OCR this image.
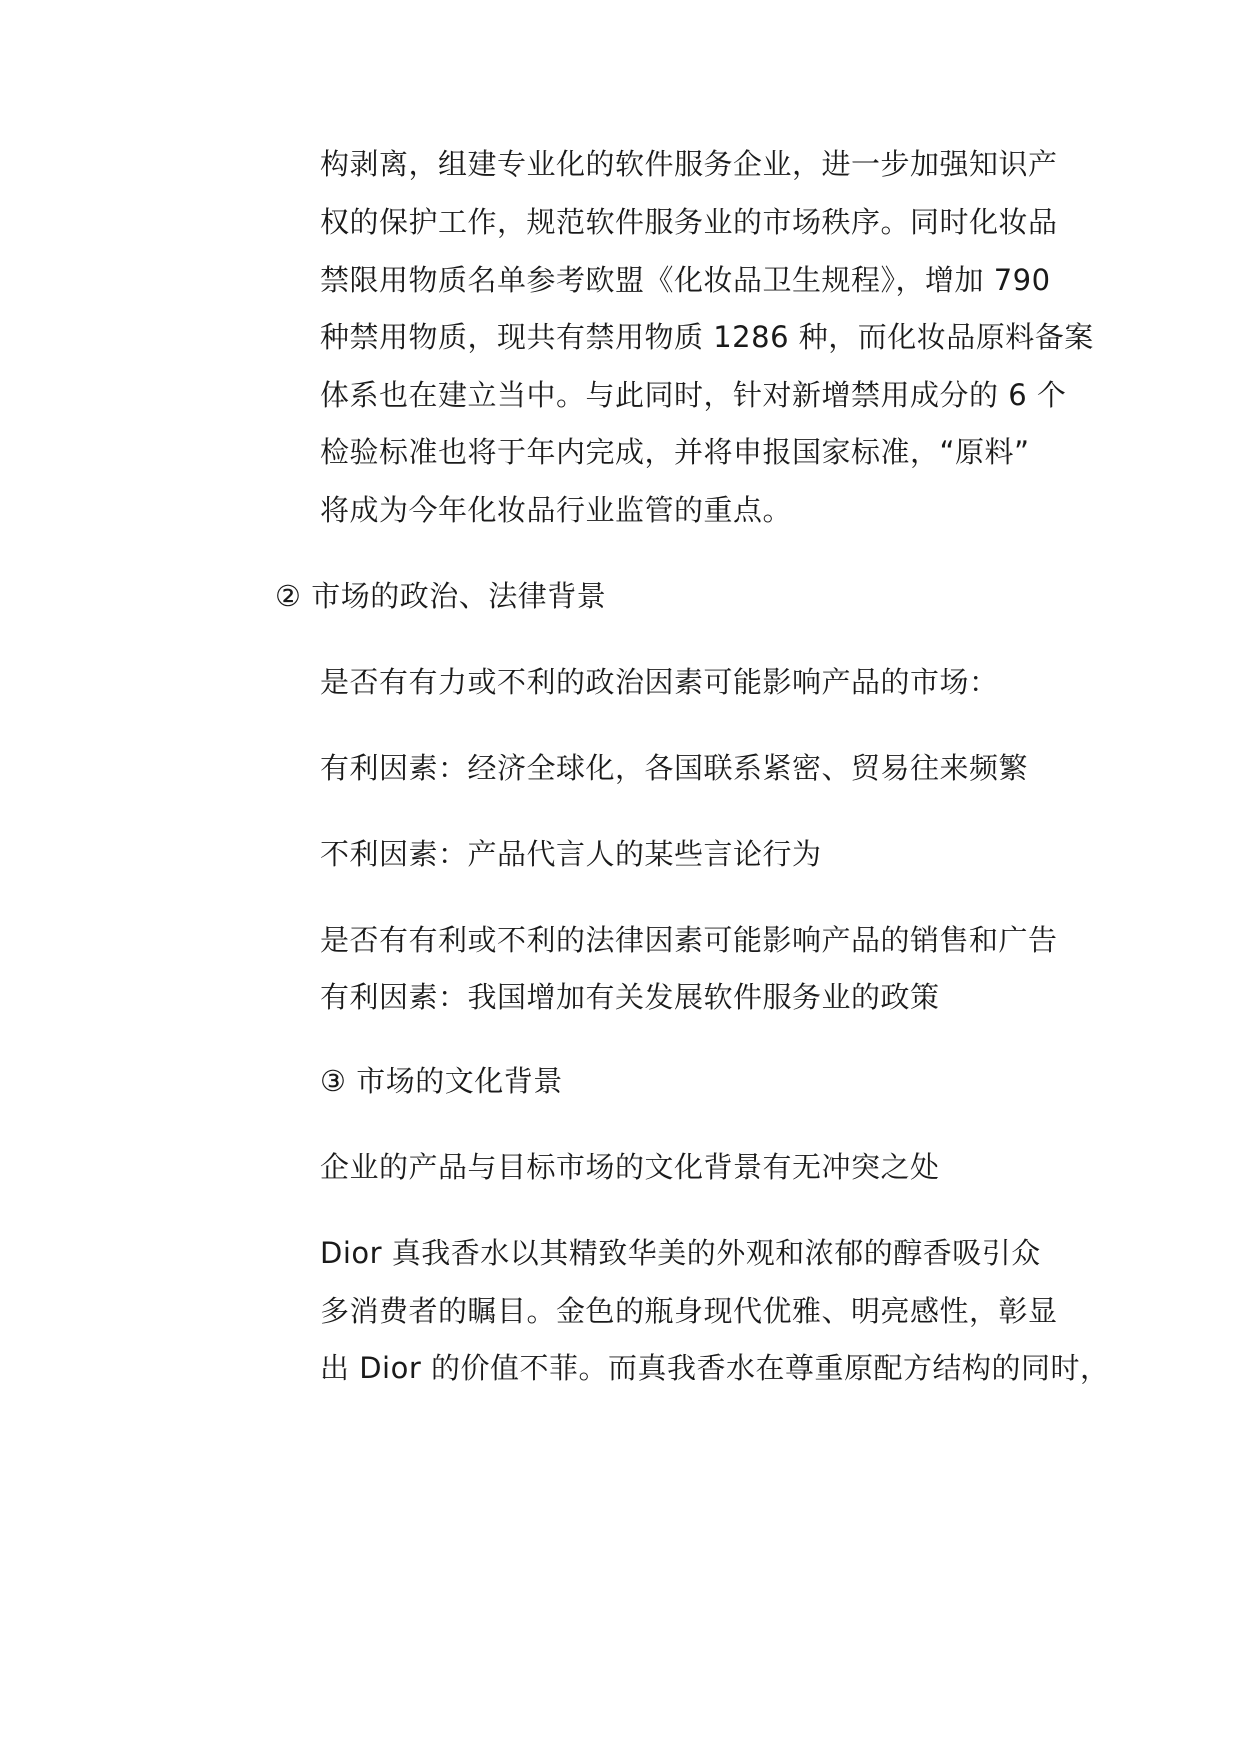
构剥离，组建专业化的软件服务企业，进一步加强知识产
权的保护工作，规范软件服务业的市场秩序。同时化妆品
禁限用物质名单参考欧盟《化妆品卫生规程》，增加 790
种禁用物质，现共有禁用物质 1286 种，而化妆品原料备案
体系也在建立当中。与此同时，针对新增禁用成分的 6 个
检验标准也将于年内完成，并将申报国家标准，“原料”
将成为今年化妆品行业监管的重点。
② 市场的政治、法律背景
是否有有力或不利的政治因素可能影响产品的市场：
有利因素：经济全球化，各国联系紧密、贸易往来频繁
不利因素：产品代言人的某些言论行为
是否有有利或不利的法律因素可能影响产品的销售和广告
有利因素：我国增加有关发展软件服务业的政策
③ 市场的文化背景
企业的产品与目标市场的文化背景有无冲突之处
Dior 真我香水以其精致华美的外观和浓郁的醇香吸引众
多消费者的瞩目。金色的瓶身现代优雅、明亮感性，彰显
出 Dior 的价值不菲。而真我香水在尊重原配方结构的同时，
